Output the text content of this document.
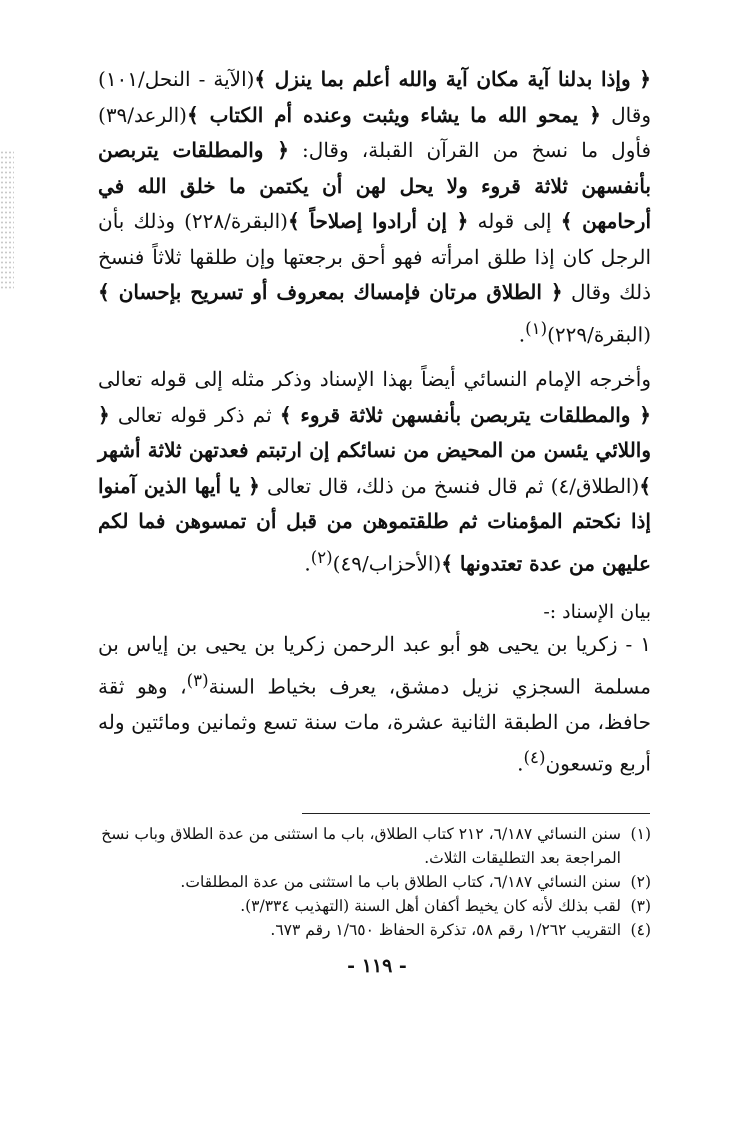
﴿ وإذا بدلنا آية مكان آية والله أعلم بما ينزل ﴾(الآية - النحل/١٠١) وقال ﴿ يمحو الله ما يشاء ويثبت وعنده أم الكتاب ﴾(الرعد/٣٩) فأول ما نسخ من القرآن القبلة، وقال: ﴿ والمطلقات يتربصن بأنفسهن ثلاثة قروء ولا يحل لهن أن يكتمن ما خلق الله في أرحامهن ﴾ إلى قوله ﴿ إن أرادوا إصلاحاً ﴾(البقرة/٢٢٨) وذلك بأن الرجل كان إذا طلق امرأته فهو أحق برجعتها وإن طلقها ثلاثاً فنسخ ذلك وقال ﴿ الطلاق مرتان فإمساك بمعروف أو تسريح بإحسان ﴾(البقرة/٢٢٩)$^{(١)}$.
وأخرجه الإمام النسائي أيضاً بهذا الإسناد وذكر مثله إلى قوله تعالى ﴿ والمطلقات يتربصن بأنفسهن ثلاثة قروء ﴾ ثم ذكر قوله تعالى ﴿ واللائي يئسن من المحيض من نسائكم إن ارتبتم فعدتهن ثلاثة أشهر ﴾(الطلاق/٤) ثم قال فنسخ من ذلك، قال تعالى ﴿ يا أيها الذين آمنوا إذا نكحتم المؤمنات ثم طلقتموهن من قبل أن تمسوهن فما لكم عليهن من عدة تعتدونها ﴾(الأحزاب/٤٩)$^{(٢)}$.
بيان الإسناد :-
١ - زكريا بن يحيى هو أبو عبد الرحمن زكريا بن يحيى بن إياس بن مسلمة السجزي نزيل دمشق، يعرف بخياط السنة$^{(٣)}$، وهو ثقة حافظ، من الطبقة الثانية عشرة، مات سنة تسع وثمانين ومائتين وله أربع وتسعون$^{(٤)}$.
(١)
سنن النسائي ٦/١٨٧، ٢١٢ كتاب الطلاق، باب ما استثنى من عدة الطلاق وباب نسخ المراجعة بعد التطليقات الثلاث.
(٢)
سنن النسائي ٦/١٨٧، كتاب الطلاق باب ما استثنى من عدة المطلقات.
(٣)
لقب بذلك لأنه كان يخيط أكفان أهل السنة (التهذيب ٣/٣٣٤).
(٤)
التقريب ١/٢٦٢ رقم ٥٨، تذكرة الحفاظ ١/٦٥٠ رقم ٦٧٣.
- ١١٩ -
